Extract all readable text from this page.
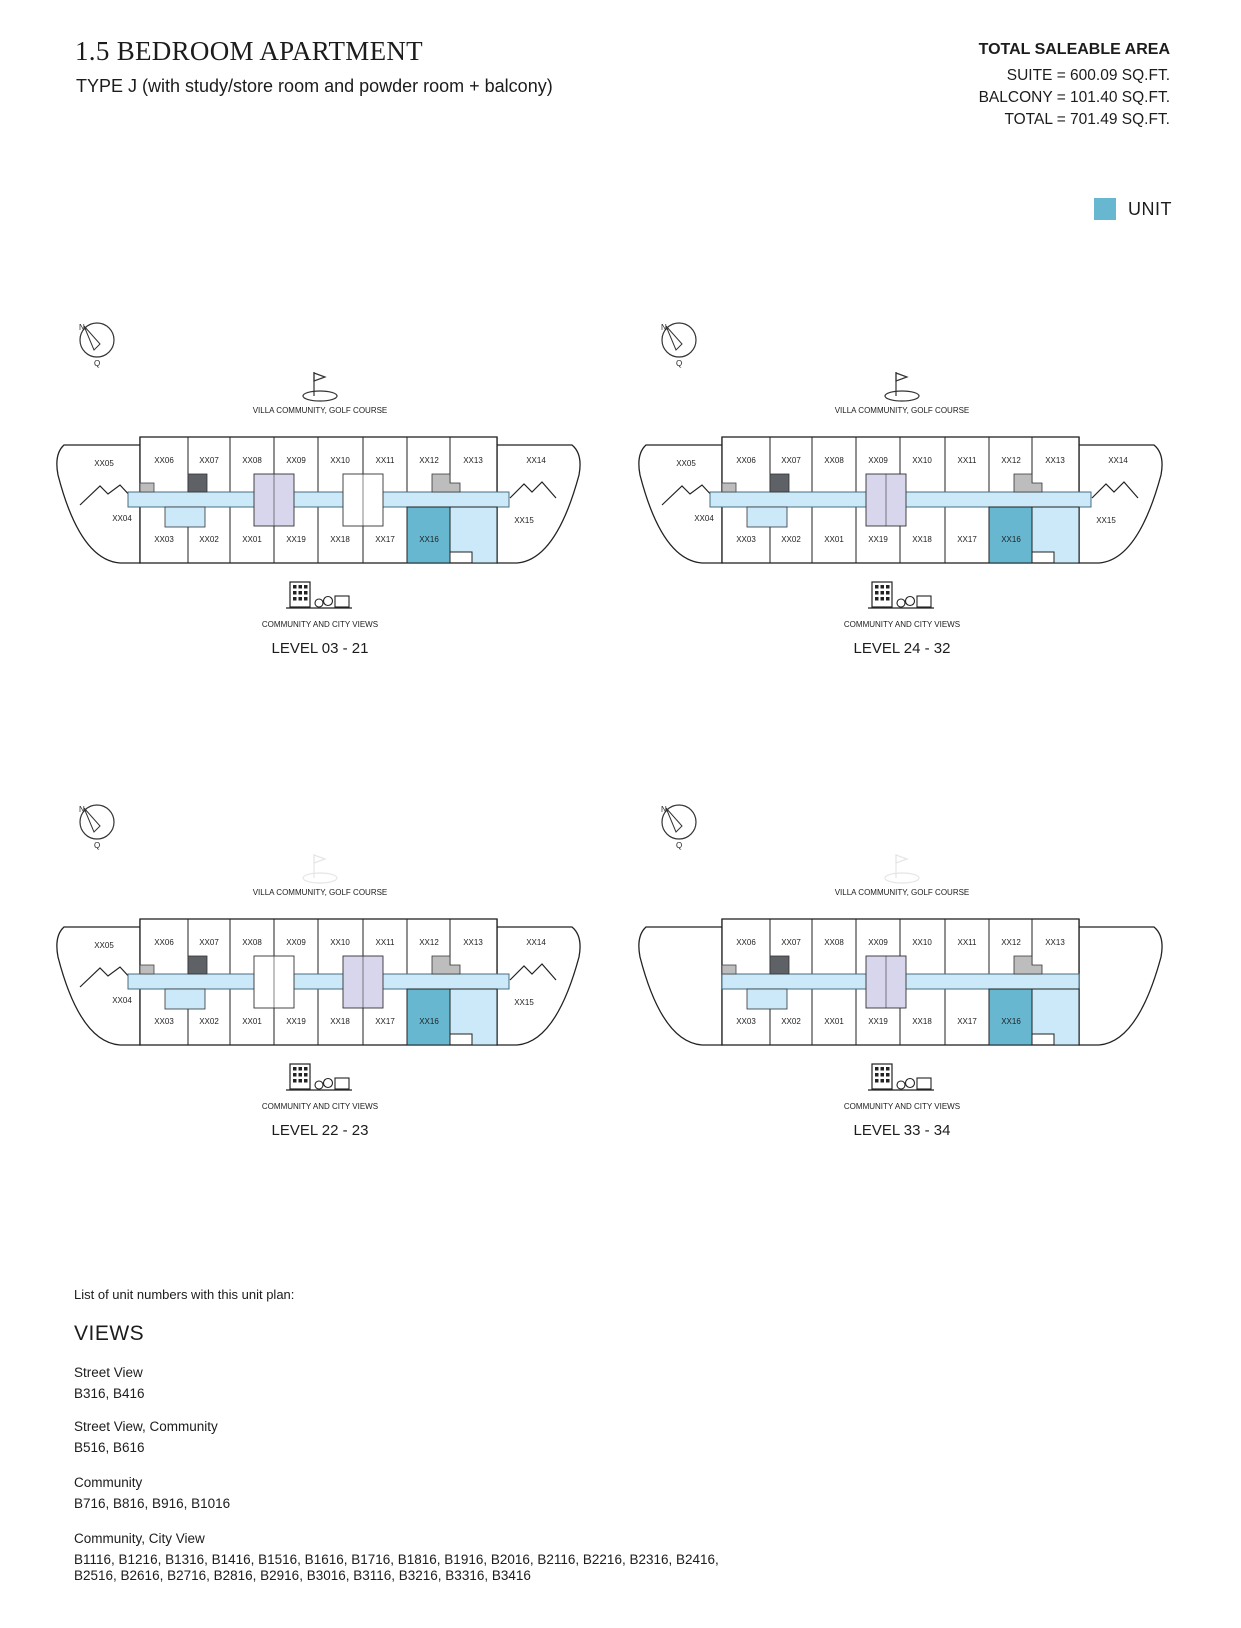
1.5 BEDROOM APARTMENT
TYPE J (with study/store room and powder room + balcony)
TOTAL SALEABLE AREA
SUITE = 600.09 SQ.FT.
BALCONY = 101.40 SQ.FT.
TOTAL = 701.49 SQ.FT.
UNIT
N
Q
XX06	XX07	XX08	XX09	XX10	XX11	XX12	XX13
XX03	XX02	XX01	XX19	XX18	XX17	XX16
XX05
XX04
XX14
XX15
VILLA COMMUNITY, GOLF COURSE
COMMUNITY AND CITY VIEWS
LEVEL 03 - 21
N
Q
XX06	XX07	XX08	XX09	XX10	XX11	XX12	XX13
XX03	XX02	XX01	XX19	XX18	XX17	XX16
XX05
XX04
XX14
XX15
VILLA COMMUNITY, GOLF COURSE
COMMUNITY AND CITY VIEWS
LEVEL 24 - 32
N
Q
XX06	XX07	XX08	XX09	XX10	XX11	XX12	XX13
XX03	XX02	XX01	XX19	XX18	XX17	XX16
XX05
XX04
XX14
XX15
VILLA COMMUNITY, GOLF COURSE
COMMUNITY AND CITY VIEWS
LEVEL 22 - 23
N
Q
XX06	XX07	XX08	XX09	XX10	XX11	XX12	XX13
XX03	XX02	XX01	XX19	XX18	XX17	XX16
VILLA COMMUNITY, GOLF COURSE
COMMUNITY AND CITY VIEWS
LEVEL 33 - 34
List of unit numbers with this unit plan:
VIEWS
Street View
B316, B416
Street View, Community
B516, B616
Community
B716, B816, B916, B1016
Community, City View
B1116, B1216, B1316, B1416, B1516, B1616, B1716, B1816, B1916, B2016, B2116, B2216, B2316, B2416,
B2516, B2616, B2716, B2816, B2916, B3016, B3116, B3216, B3316, B3416
